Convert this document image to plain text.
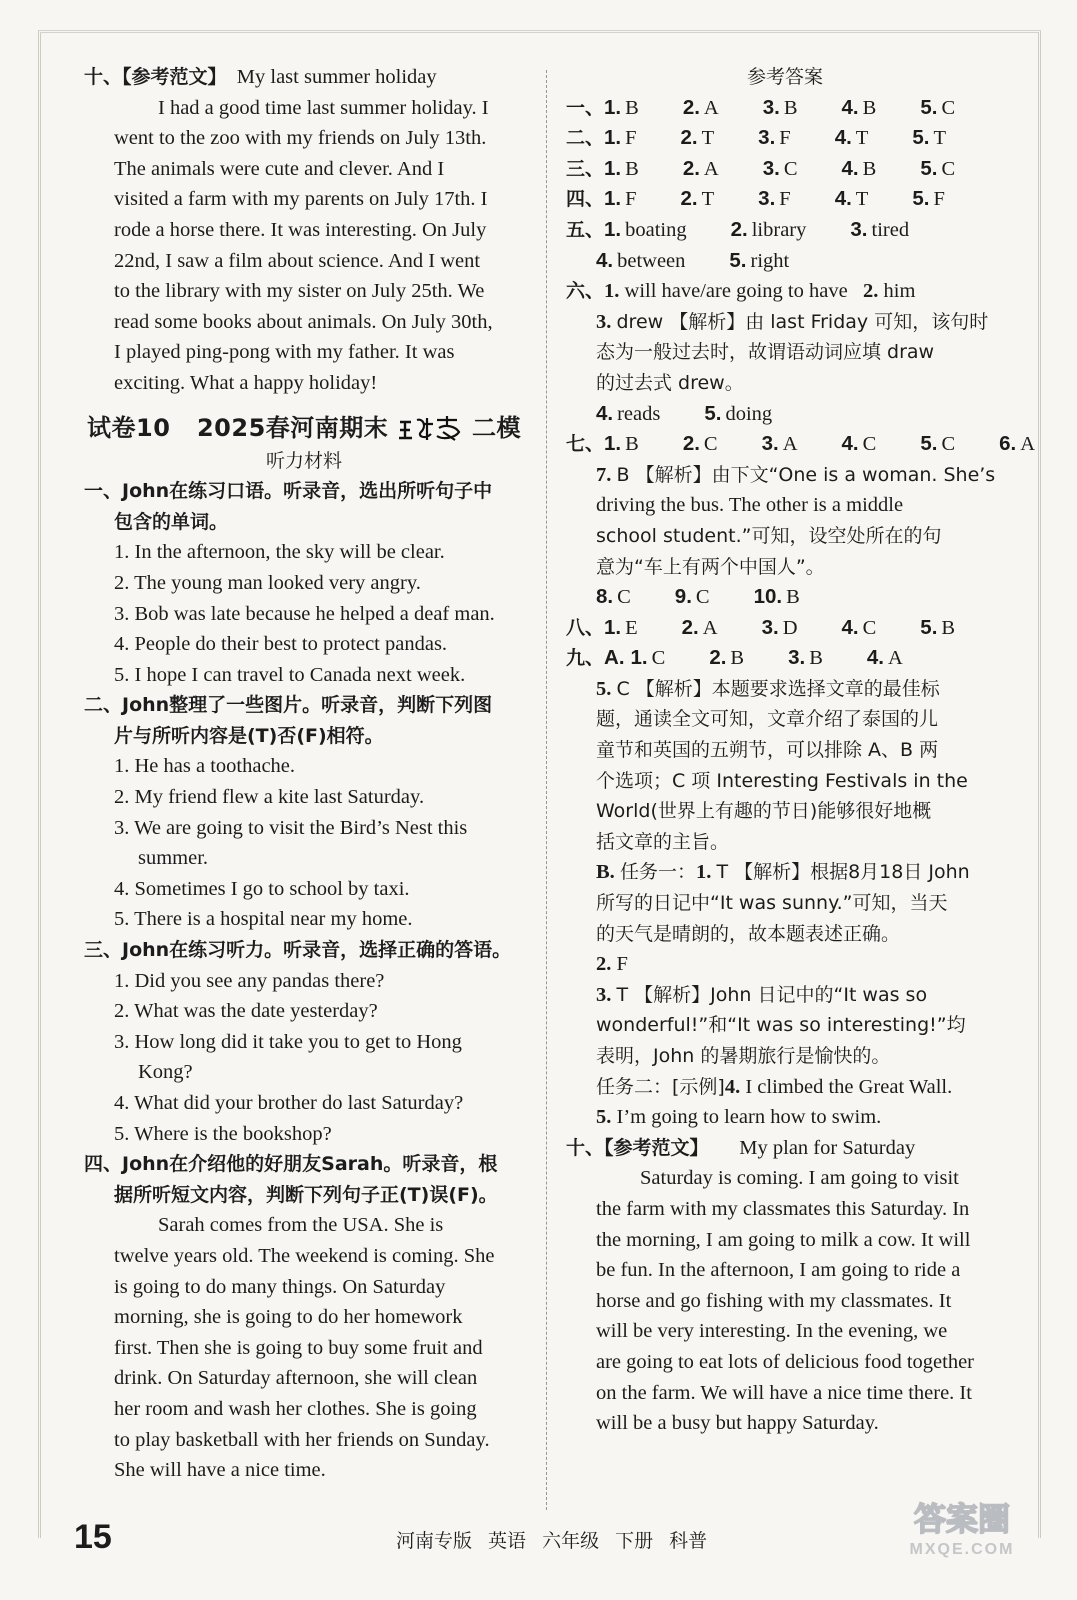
十、【参考范文】 My last summer holiday
I had a good time last summer holiday. I
went to the zoo with my friends on July 13th.
The animals were cute and clever. And I
visited a farm with my parents on July 17th. I
rode a horse there. It was interesting. On July
22nd, I saw a film about science. And I went
to the library with my sister on July 25th. We
read some books about animals. On July 30th,
I played ping-pong with my father. It was
exciting. What a happy holiday!
试卷10 2025春河南期末	二模
听力材料
一、John在练习口语。听录音，选出所听句子中
包含的单词。
1. In the afternoon, the sky will be clear.
2. The young man looked very angry.
3. Bob was late because he helped a deaf man.
4. People do their best to protect pandas.
5. I hope I can travel to Canada next week.
二、John整理了一些图片。听录音，判断下列图
片与所听内容是(T)否(F)相符。
1. He has a toothache.
2. My friend flew a kite last Saturday.
3. We are going to visit the Bird’s Nest this
summer.
4. Sometimes I go to school by taxi.
5. There is a hospital near my home.
三、John在练习听力。听录音，选择正确的答语。
1. Did you see any pandas there?
2. What was the date yesterday?
3. How long did it take you to get to Hong
Kong?
4. What did your brother do last Saturday?
5. Where is the bookshop?
四、John在介绍他的好朋友Sarah。听录音，根
据所听短文内容，判断下列句子正(T)误(F)。
Sarah comes from the USA. She is
twelve years old. The weekend is coming. She
is going to do many things. On Saturday
morning, she is going to do her homework
first. Then she is going to buy some fruit and
drink. On Saturday afternoon, she will clean
her room and wash her clothes. She is going
to play basketball with her friends on Sunday.
She will have a nice time.
参考答案
一、1. B 2. A 3. B 4. B 5. C
二、1. F 2. T 3. F 4. T 5. T
三、1. B 2. A 3. C 4. B 5. C
四、1. F 2. T 3. F 4. T 5. F
五、1. boating 2. library 3. tired
4. between 5. right
六、1. will have/are going to have 2. him
3. drew 【解析】由 last Friday 可知，该句时
态为一般过去时，故谓语动词应填 draw
的过去式 drew。
4. reads 5. doing
七、1. B 2. C 3. A 4. C 5. C 6. A
7. B 【解析】由下文“One is a woman. She’s
driving the bus. The other is a middle
school student.”可知，设空处所在的句
意为“车上有两个中国人”。
8. C 9. C 10. B
八、1. E 2. A 3. D 4. C 5. B
九、A. 1. C 2. B 3. B 4. A
5. C 【解析】本题要求选择文章的最佳标
题，通读全文可知，文章介绍了泰国的儿
童节和英国的五朔节，可以排除 A、B 两
个选项；C 项 Interesting Festivals in the
World(世界上有趣的节日)能够很好地概
括文章的主旨。
B. 任务一：1. T 【解析】根据8月18日 John
所写的日记中“It was sunny.”可知，当天
的天气是晴朗的，故本题表述正确。
2. F
3. T 【解析】John 日记中的“It was so
wonderful!”和“It was so interesting!”均
表明，John 的暑期旅行是愉快的。
任务二：[示例]4. I climbed the Great Wall.
5. I’m going to learn how to swim.
十、【参考范文】 My plan for Saturday
Saturday is coming. I am going to visit
the farm with my classmates this Saturday. In
the morning, I am going to milk a cow. It will
be fun. In the afternoon, I am going to ride a
horse and go fishing with my classmates. It
will be very interesting. In the evening, we
are going to eat lots of delicious food together
on the farm. We will have a nice time there. It
will be a busy but happy Saturday.
15	河南专版 英语 六年级 下册 科普
答案圈
MXQE.COM
